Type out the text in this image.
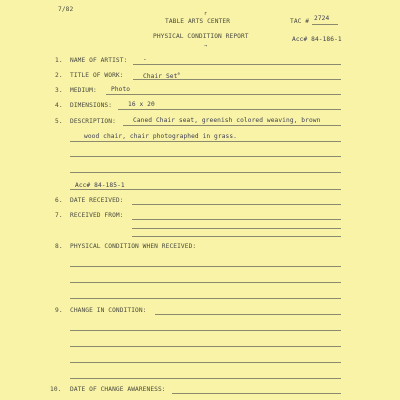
7/82
TABLE ARTS CENTER
r
TAC # 2724
PHYSICAL CONDITION REPORT	Acc# 84-186-1
→
1. NAME OF ARTIST:	-
2. TITLE OF WORK:	Chair Set$^e$
3. MEDIUM: Photo
4. DIMENSIONS:	16 x 20
5. DESCRIPTION:	Caned Chair seat, greenish colored weaving, brown
wood chair, chair photographed in grass.
Acc# 84-185-1
6. DATE RECEIVED:
7. RECEIVED FROM:
8. PHYSICAL CONDITION WHEN RECEIVED:
9. CHANGE IN CONDITION:
10. DATE OF CHANGE AWARENESS:
